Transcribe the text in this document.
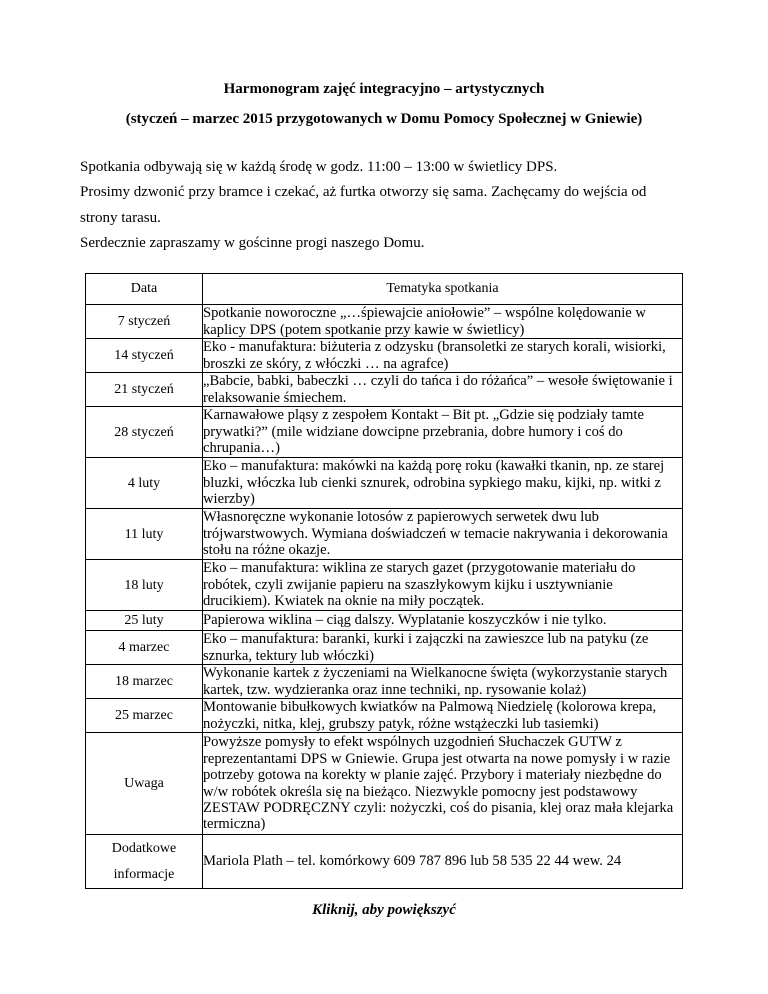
Harmonogram zajęć integracyjno – artystycznych
(styczeń – marzec 2015 przygotowanych w Domu Pomocy Społecznej w Gniewie)

Spotkania odbywają się w każdą środę w godz. 11:00 – 13:00 w świetlicy DPS.

Prosimy dzwonić przy bramce i czekać, aż furtka otworzy się sama. Zachęcamy do wejścia od

strony tarasu.

Serdecznie zapraszamy w gościnne progi naszego Domu.

Data	Tematyka spotkania
7 styczeń	Spotkanie noworoczne „…śpiewajcie aniołowie” – wspólne kolędowanie w kaplicy DPS (potem spotkanie przy kawie w świetlicy)
14 styczeń	Eko - manufaktura: biżuteria z odzysku (bransoletki ze starych korali, wisiorki, broszki ze skóry, z włóczki … na agrafce)
21 styczeń	„Babcie, babki, babeczki … czyli do tańca i do różańca” – wesołe świętowanie i relaksowanie śmiechem.
28 styczeń	Karnawałowe pląsy z zespołem Kontakt – Bit pt. „Gdzie się podziały tamte prywatki?” (mile widziane dowcipne przebrania, dobre humory i coś do chrupania…)
4 luty	Eko – manufaktura: makówki na każdą porę roku (kawałki tkanin, np. ze starej bluzki, włóczka lub cienki sznurek, odrobina sypkiego maku, kijki, np. witki z wierzby)
11 luty	Własnoręczne wykonanie lotosów z papierowych serwetek dwu lub trójwarstwowych. Wymiana doświadczeń w temacie nakrywania i dekorowania stołu na różne okazje.
18 luty	Eko – manufaktura: wiklina ze starych gazet (przygotowanie materiału do robótek, czyli zwijanie papieru na szaszłykowym kijku i usztywnianie drucikiem). Kwiatek na oknie na miły początek.
25 luty	Papierowa wiklina – ciąg dalszy. Wyplatanie koszyczków i nie tylko.
4 marzec	Eko – manufaktura: baranki, kurki i zajączki na zawieszce lub na patyku (ze sznurka, tektury lub włóczki)
18 marzec	Wykonanie kartek z życzeniami na Wielkanocne święta (wykorzystanie starych kartek, tzw. wydzieranka oraz inne techniki, np. rysowanie kolaż)
25 marzec	Montowanie bibułkowych kwiatków na Palmową Niedzielę (kolorowa krepa, nożyczki, nitka, klej, grubszy patyk, różne wstążeczki lub tasiemki)
Uwaga	Powyższe pomysły to efekt wspólnych uzgodnień Słuchaczek GUTW z reprezentantami DPS w Gniewie. Grupa jest otwarta na nowe pomysły i w razie potrzeby gotowa na korekty w planie zajęć. Przybory i materiały niezbędne do w/w robótek określa się na bieżąco. Niezwykle pomocny jest podstawowy ZESTAW PODRĘCZNY czyli: nożyczki, coś do pisania, klej oraz mała klejarka termiczna)
Dodatkowe informacje	Mariola Plath – tel. komórkowy 609 787 896 lub 58 535 22 44 wew. 24
Kliknij, aby powiększyć
